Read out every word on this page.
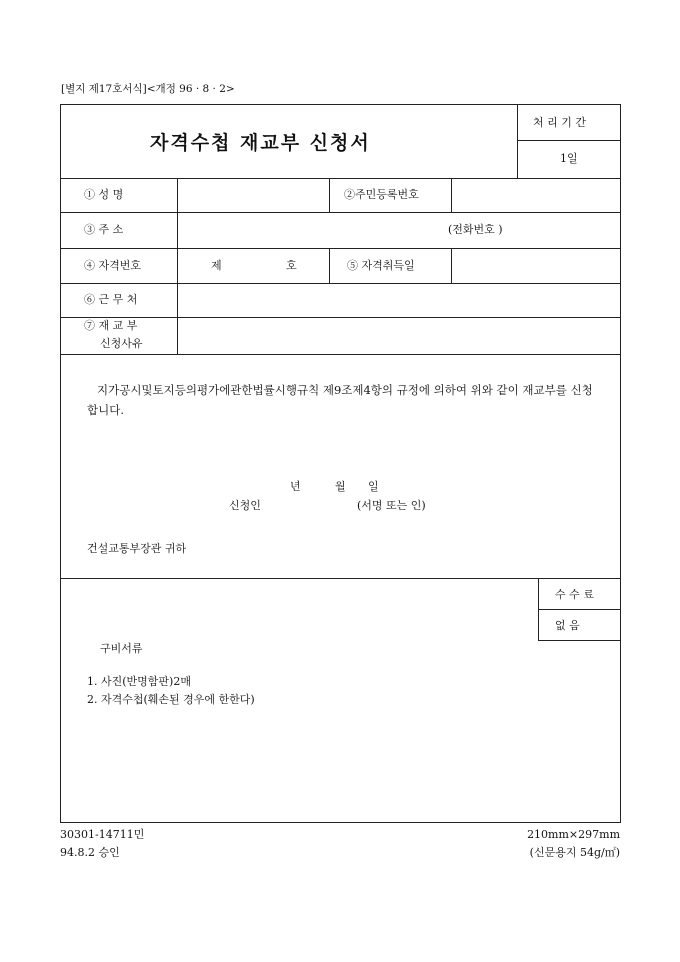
[별지 제17호서식]<개정 96 · 8 · 2>
자격수첩 재교부 신청서
처 리 기 간
1일
① 성 명	②주민등록번호
③ 주 소	(전화번호 )
④ 자격번호	제	호	⑤ 자격취득일
⑥ 근 무 처
⑦ 재 교 부
신청사유
지가공시및토지등의평가에관한법률시행규칙 제9조제4항의 규정에 의하여 위와 같이 재교부를 신청합니다.
년	월 일
신청인	(서명 또는 인)
건설교통부장관 귀하
수 수 료
없 음
구비서류
1. 사진(반명함판)2매
2. 자격수첩(훼손된 경우에 한한다)
30301-14711민
94.8.2 승인
210mm×297mm
(신문용지 54g/㎡)
